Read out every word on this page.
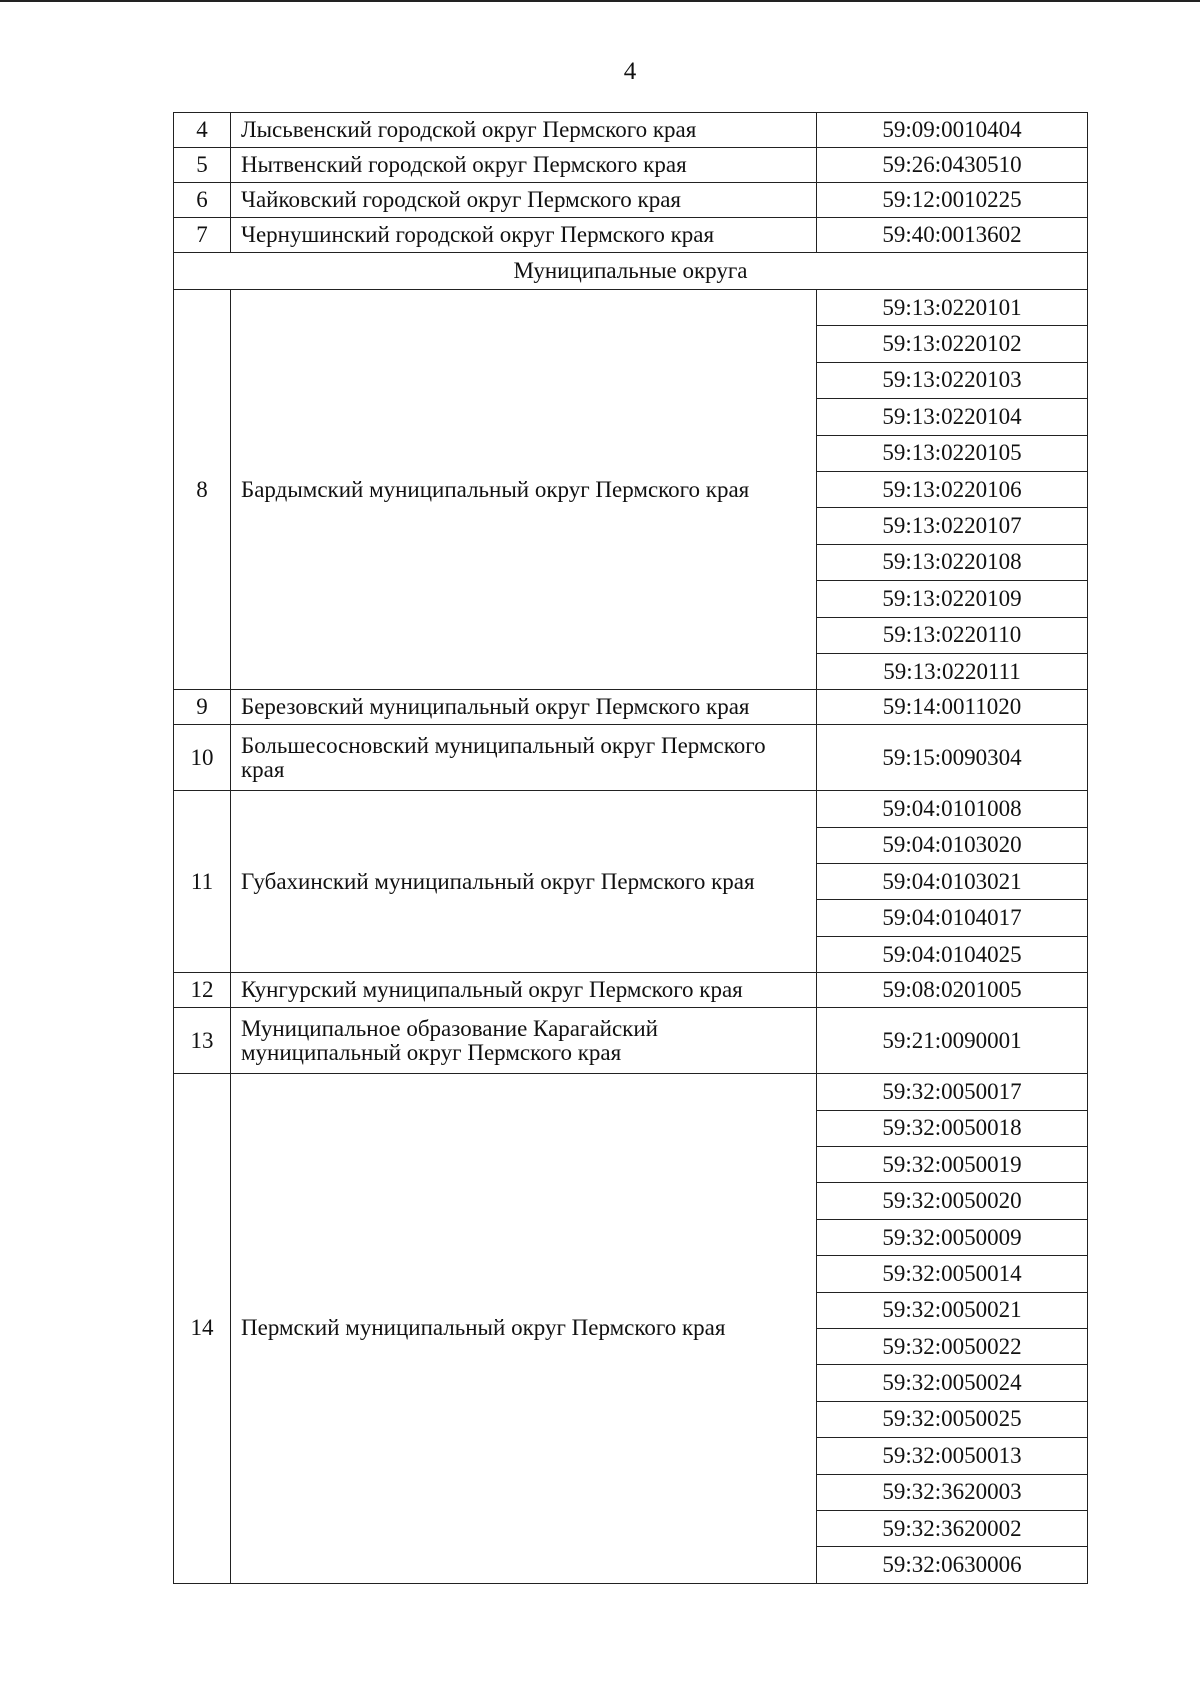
4
4	Лысьвенский городской округ Пермского края	59:09:0010404
5	Нытвенский городской округ Пермского края	59:26:0430510
6	Чайковский городской округ Пермского края	59:12:0010225
7	Чернушинский городской округ Пермского края	59:40:0013602
Муниципальные округа		
8	Бардымский муниципальный округ Пермского края	59:13:0220101
		59:13:0220102
		59:13:0220103
		59:13:0220104
		59:13:0220105
		59:13:0220106
		59:13:0220107
		59:13:0220108
		59:13:0220109
		59:13:0220110
		59:13:0220111
9	Березовский муниципальный округ Пермского края	59:14:0011020
10	Большесосновский муниципальный округ Пермского края	59:15:0090304
11	Губахинский муниципальный округ Пермского края	59:04:0101008
		59:04:0103020
		59:04:0103021
		59:04:0104017
		59:04:0104025
12	Кунгурский муниципальный округ Пермского края	59:08:0201005
13	Муниципальное образование Карагайский муниципальный округ Пермского края	59:21:0090001
14	Пермский муниципальный округ Пермского края	59:32:0050017
		59:32:0050018
		59:32:0050019
		59:32:0050020
		59:32:0050009
		59:32:0050014
		59:32:0050021
		59:32:0050022
		59:32:0050024
		59:32:0050025
		59:32:0050013
		59:32:3620003
		59:32:3620002
		59:32:0630006
